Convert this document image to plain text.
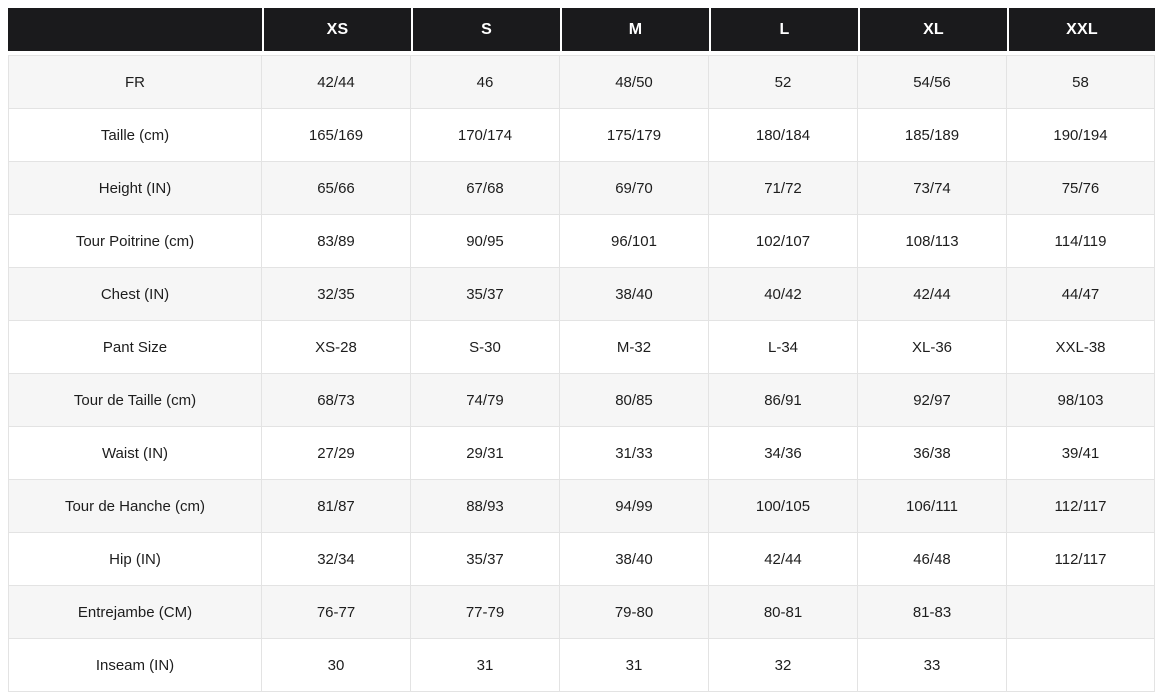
	XS	S	M	L	XL	XXL
FR	42/44	46	48/50	52	54/56	58
Taille (cm)	165/169	170/174	175/179	180/184	185/189	190/194
Height (IN)	65/66	67/68	69/70	71/72	73/74	75/76
Tour Poitrine (cm)	83/89	90/95	96/101	102/107	108/113	114/119
Chest (IN)	32/35	35/37	38/40	40/42	42/44	44/47
Pant Size	XS-28	S-30	M-32	L-34	XL-36	XXL-38
Tour de Taille (cm)	68/73	74/79	80/85	86/91	92/97	98/103
Waist (IN)	27/29	29/31	31/33	34/36	36/38	39/41
Tour de Hanche (cm)	81/87	88/93	94/99	100/105	106/111	112/117
Hip (IN)	32/34	35/37	38/40	42/44	46/48	112/117
Entrejambe (CM)	76-77	77-79	79-80	80-81	81-83	
Inseam (IN)	30	31	31	32	33	
